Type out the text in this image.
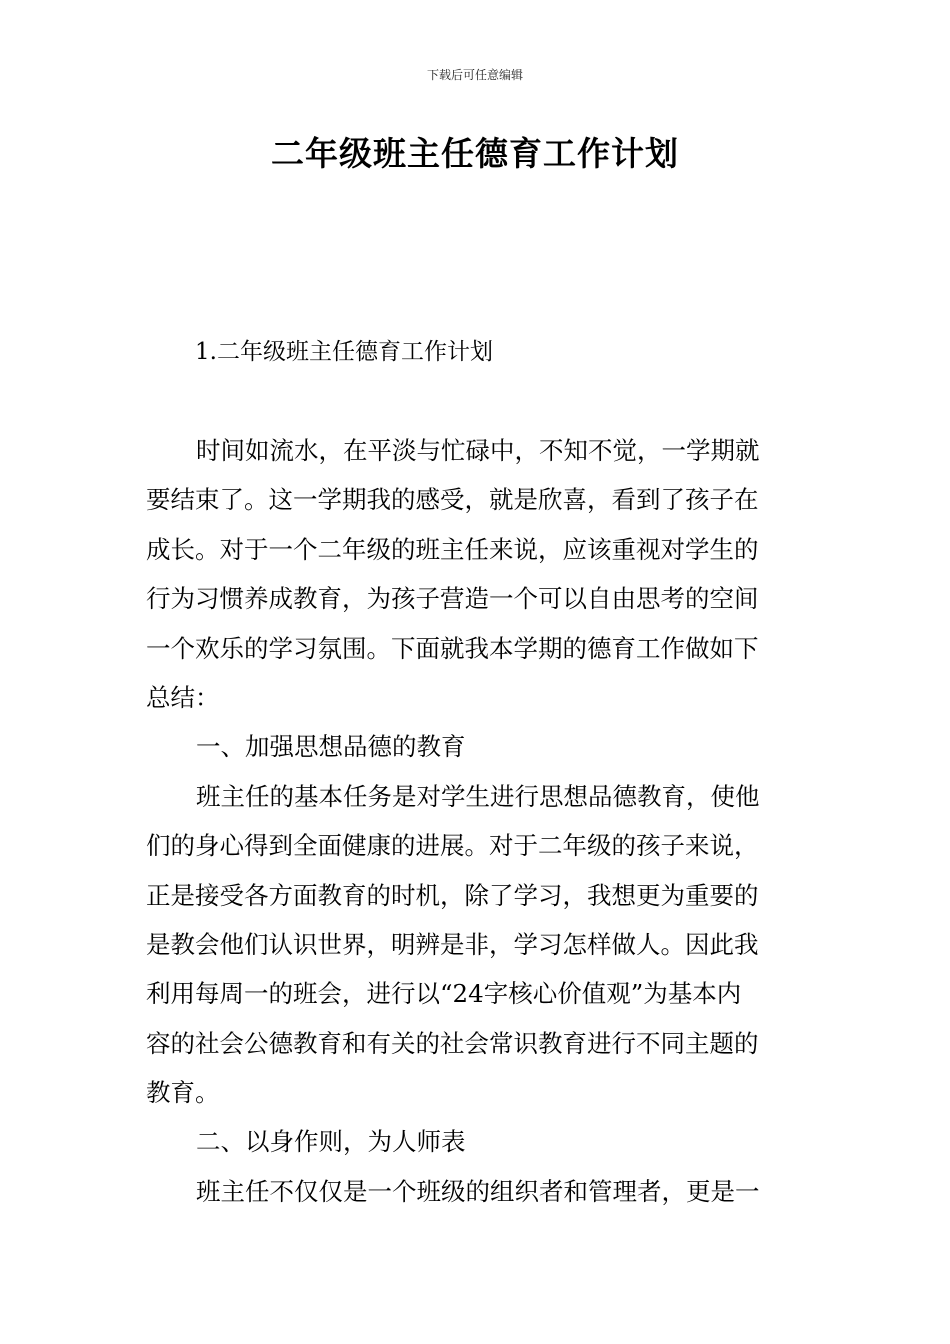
下载后可任意编辑
二年级班主任德育工作计划

1.二年级班主任德育工作计划

时间如流水，在平淡与忙碌中，不知不觉，一学期就
要结束了。这一学期我的感受，就是欣喜，看到了孩子在
成长。对于一个二年级的班主任来说，应该重视对学生的
行为习惯养成教育，为孩子营造一个可以自由思考的空间
一个欢乐的学习氛围。下面就我本学期的德育工作做如下
总结：
一、加强思想品德的教育
班主任的基本任务是对学生进行思想品德教育，使他
们的身心得到全面健康的进展。对于二年级的孩子来说，
正是接受各方面教育的时机，除了学习，我想更为重要的
是教会他们认识世界，明辨是非，学习怎样做人。因此我
利用每周一的班会，进行以“24字核心价值观”为基本内
容的社会公德教育和有关的社会常识教育进行不同主题的
教育。
二、以身作则，为人师表
班主任不仅仅是一个班级的组织者和管理者，更是一
